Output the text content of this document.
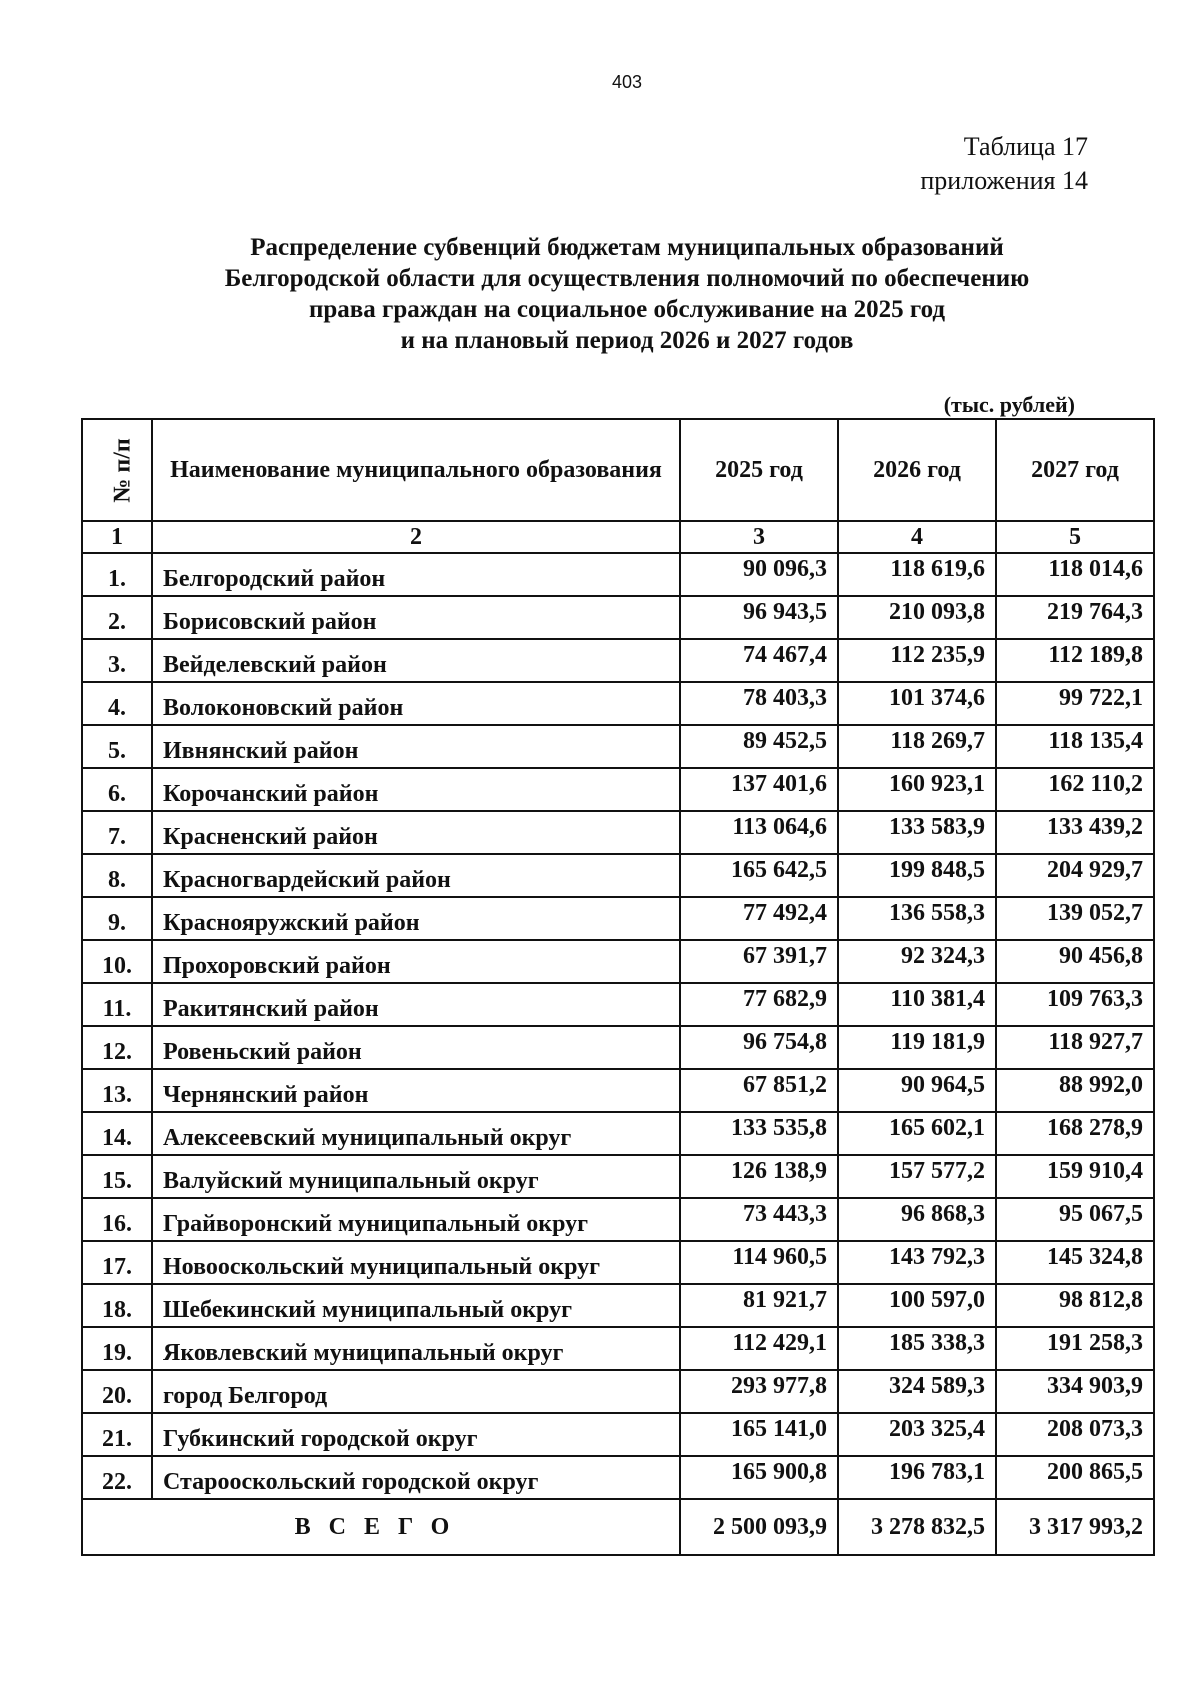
403
Таблица 17
приложения 14
Распределение субвенций бюджетам муниципальных образований
Белгородской области для осуществления полномочий по обеспечению
права граждан на социальное обслуживание на 2025 год
и на плановый период 2026 и 2027 годов
(тыс. рублей)
№ п/п	Наименование муниципального образования	2025 год	2026 год	2027 год
1	2	3	4	5
1.	Белгородский район	90 096,3	118 619,6	118 014,6
2.	Борисовский район	96 943,5	210 093,8	219 764,3
3.	Вейделевский район	74 467,4	112 235,9	112 189,8
4.	Волоконовский район	78 403,3	101 374,6	99 722,1
5.	Ивнянский район	89 452,5	118 269,7	118 135,4
6.	Корочанский район	137 401,6	160 923,1	162 110,2
7.	Красненский район	113 064,6	133 583,9	133 439,2
8.	Красногвардейский район	165 642,5	199 848,5	204 929,7
9.	Краснояружский район	77 492,4	136 558,3	139 052,7
10.	Прохоровский район	67 391,7	92 324,3	90 456,8
11.	Ракитянский район	77 682,9	110 381,4	109 763,3
12.	Ровеньский район	96 754,8	119 181,9	118 927,7
13.	Чернянский район	67 851,2	90 964,5	88 992,0
14.	Алексеевский муниципальный округ	133 535,8	165 602,1	168 278,9
15.	Валуйский муниципальный округ	126 138,9	157 577,2	159 910,4
16.	Грайворонский муниципальный округ	73 443,3	96 868,3	95 067,5
17.	Новооскольский муниципальный округ	114 960,5	143 792,3	145 324,8
18.	Шебекинский муниципальный округ	81 921,7	100 597,0	98 812,8
19.	Яковлевский муниципальный округ	112 429,1	185 338,3	191 258,3
20.	город Белгород	293 977,8	324 589,3	334 903,9
21.	Губкинский городской округ	165 141,0	203 325,4	208 073,3
22.	Старооскольский городской округ	165 900,8	196 783,1	200 865,5
ВСЕГО		2 500 093,9	3 278 832,5	3 317 993,2
